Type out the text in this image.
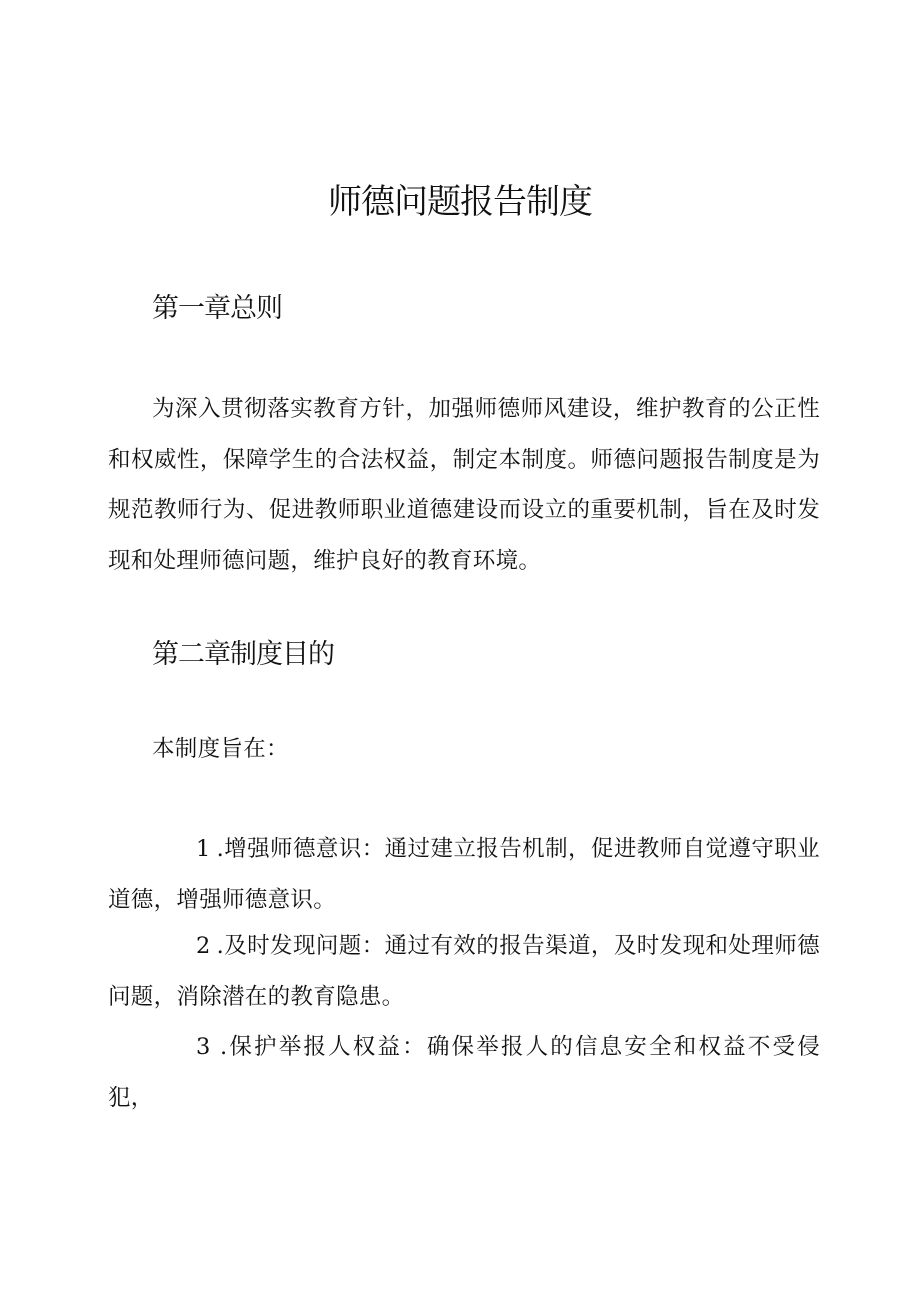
师德问题报告制度
第一章总则

为深入贯彻落实教育方针，加强师德师风建设，维护教育的公正性和权威性，保障学生的合法权益，制定本制度。师德问题报告制度是为规范教师行为、促进教师职业道德建设而设立的重要机制，旨在及时发现和处理师德问题，维护良好的教育环境。

第二章制度目的

本制度旨在：

1 .增强师德意识：通过建立报告机制，促进教师自觉遵守职业道德，增强师德意识。

2 .及时发现问题：通过有效的报告渠道，及时发现和处理师德问题，消除潜在的教育隐患。

3 .保护举报人权益：确保举报人的信息安全和权益不受侵犯，
